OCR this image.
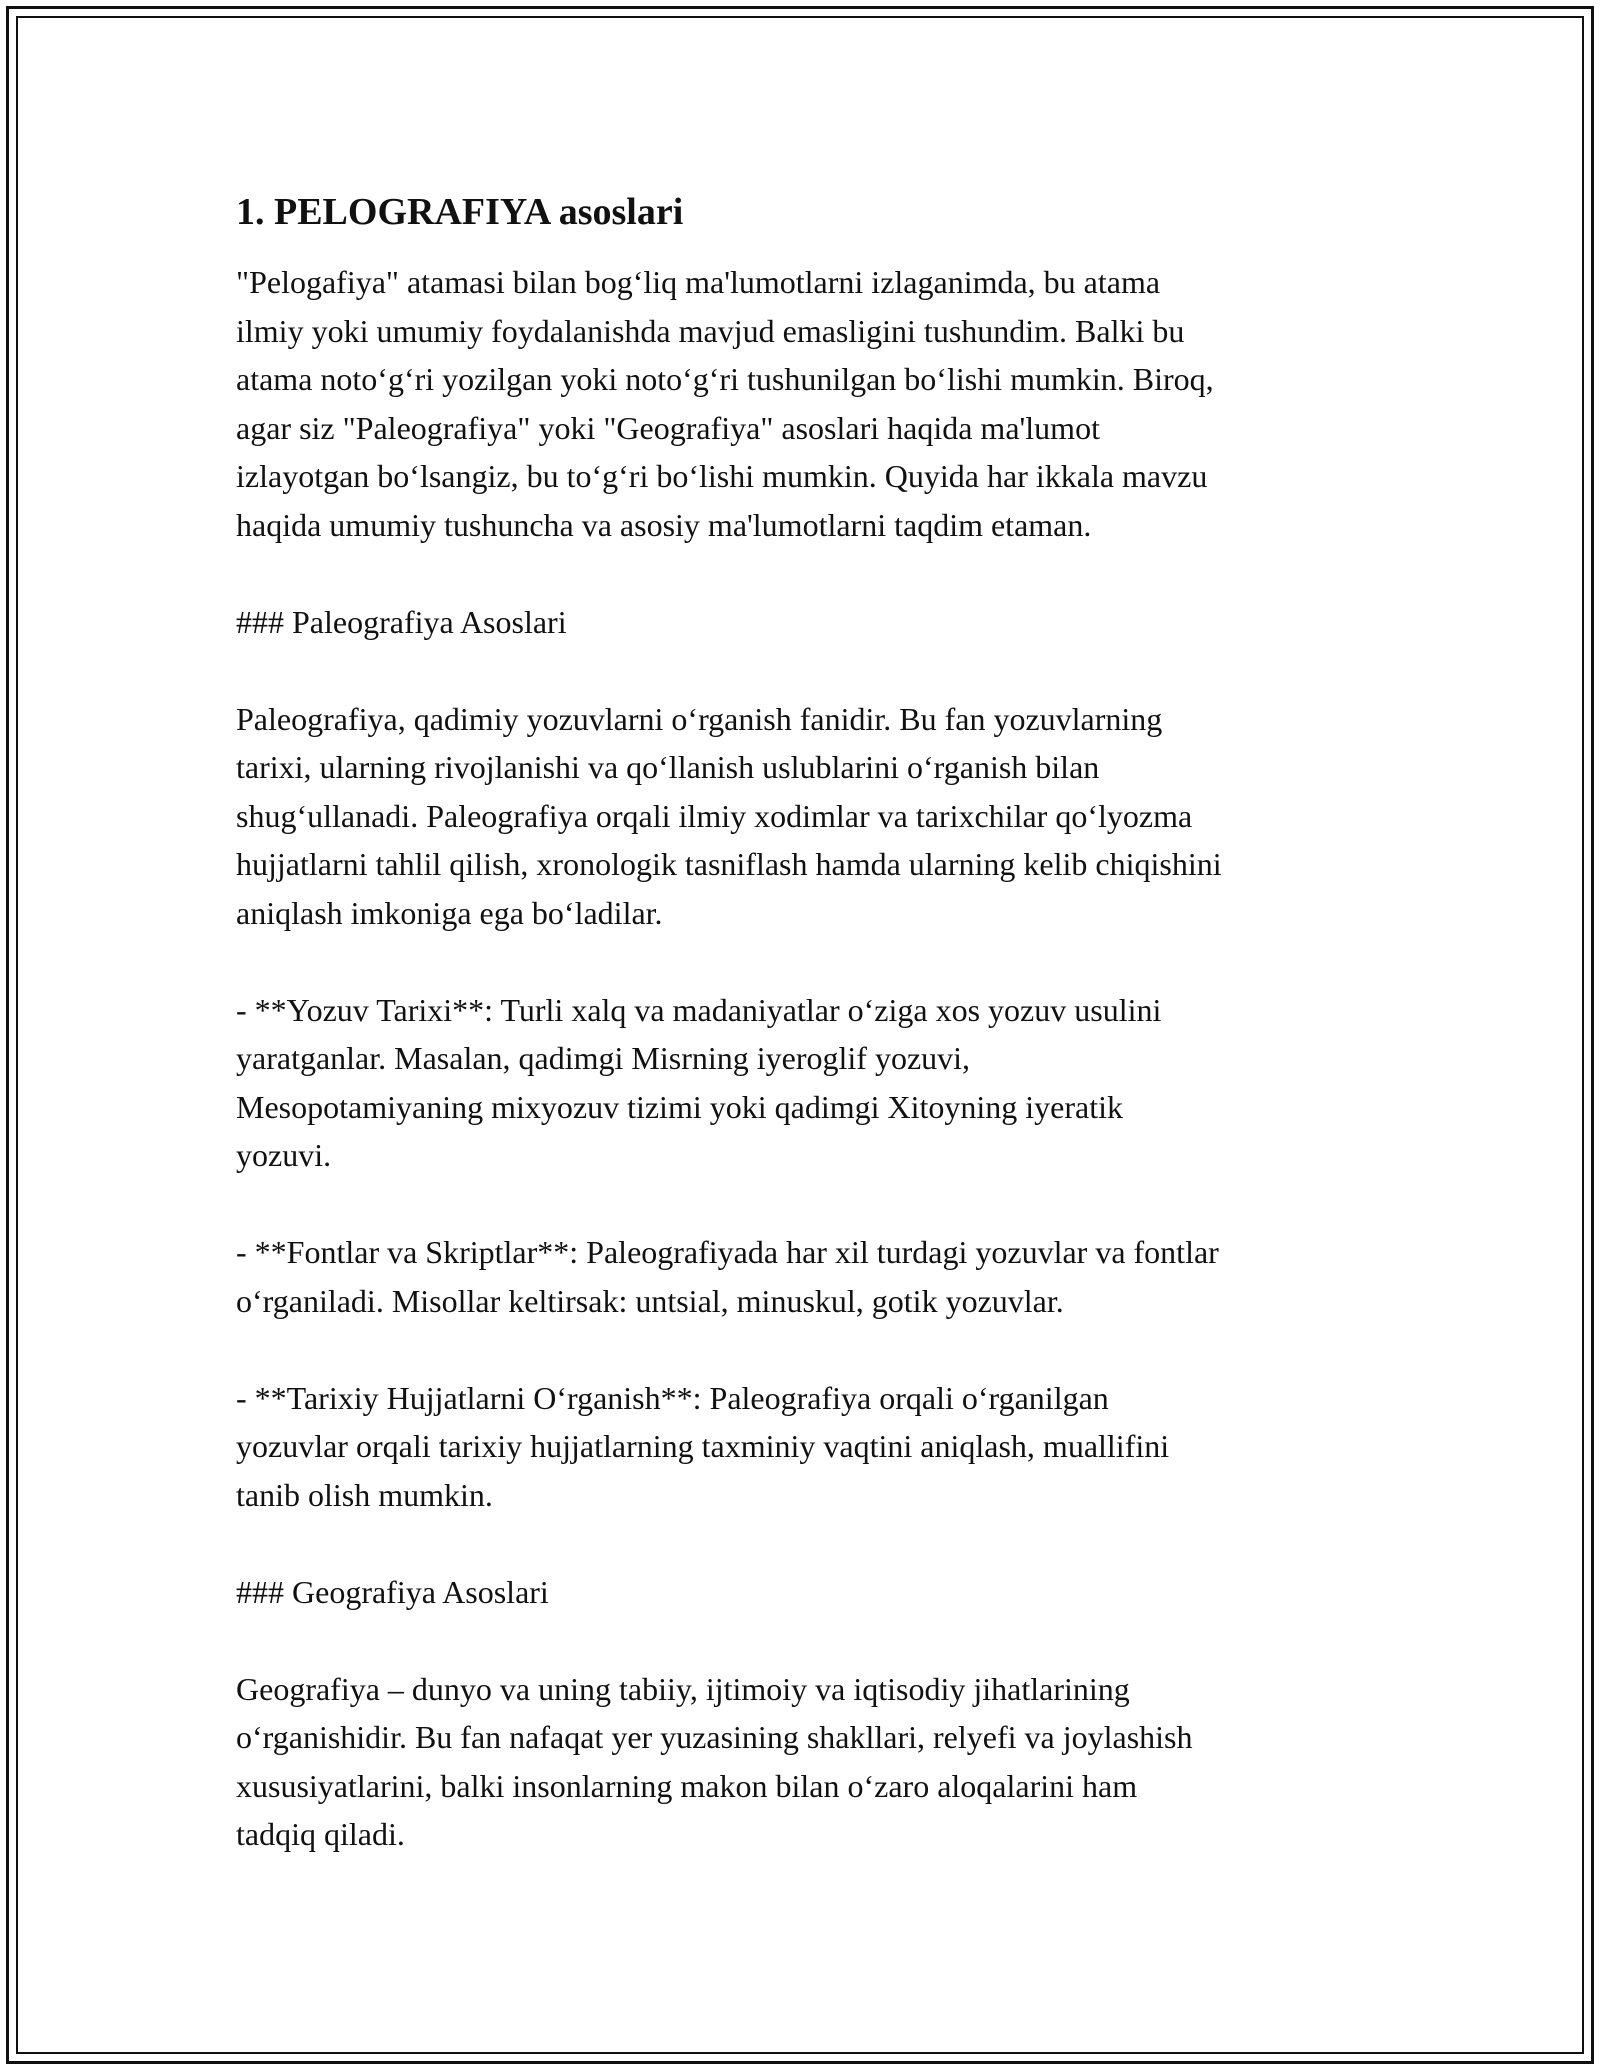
1. PELOGRAFIYA asoslari

"Pelogafiya" atamasi bilan bog‘liq ma'lumotlarni izlaganimda, bu atama
ilmiy yoki umumiy foydalanishda mavjud emasligini tushundim. Balki bu
atama noto‘g‘ri yozilgan yoki noto‘g‘ri tushunilgan bo‘lishi mumkin. Biroq,
agar siz "Paleografiya" yoki "Geografiya" asoslari haqida ma'lumot
izlayotgan bo‘lsangiz, bu to‘g‘ri bo‘lishi mumkin. Quyida har ikkala mavzu
haqida umumiy tushuncha va asosiy ma'lumotlarni taqdim etaman.

### Paleografiya Asoslari

Paleografiya, qadimiy yozuvlarni o‘rganish fanidir. Bu fan yozuvlarning
tarixi, ularning rivojlanishi va qo‘llanish uslublarini o‘rganish bilan
shug‘ullanadi. Paleografiya orqali ilmiy xodimlar va tarixchilar qo‘lyozma
hujjatlarni tahlil qilish, xronologik tasniflash hamda ularning kelib chiqishini
aniqlash imkoniga ega bo‘ladilar.

- **Yozuv Tarixi**: Turli xalq va madaniyatlar o‘ziga xos yozuv usulini
yaratganlar. Masalan, qadimgi Misrning iyeroglif yozuvi,
Mesopotamiyaning mixyozuv tizimi yoki qadimgi Xitoyning iyeratik
yozuvi.

- **Fontlar va Skriptlar**: Paleografiyada har xil turdagi yozuvlar va fontlar
o‘rganiladi. Misollar keltirsak: untsial, minuskul, gotik yozuvlar.

- **Tarixiy Hujjatlarni O‘rganish**: Paleografiya orqali o‘rganilgan
yozuvlar orqali tarixiy hujjatlarning taxminiy vaqtini aniqlash, muallifini
tanib olish mumkin.

### Geografiya Asoslari

Geografiya – dunyo va uning tabiiy, ijtimoiy va iqtisodiy jihatlarining
o‘rganishidir. Bu fan nafaqat yer yuzasining shakllari, relyefi va joylashish
xususiyatlarini, balki insonlarning makon bilan o‘zaro aloqalarini ham
tadqiq qiladi.
